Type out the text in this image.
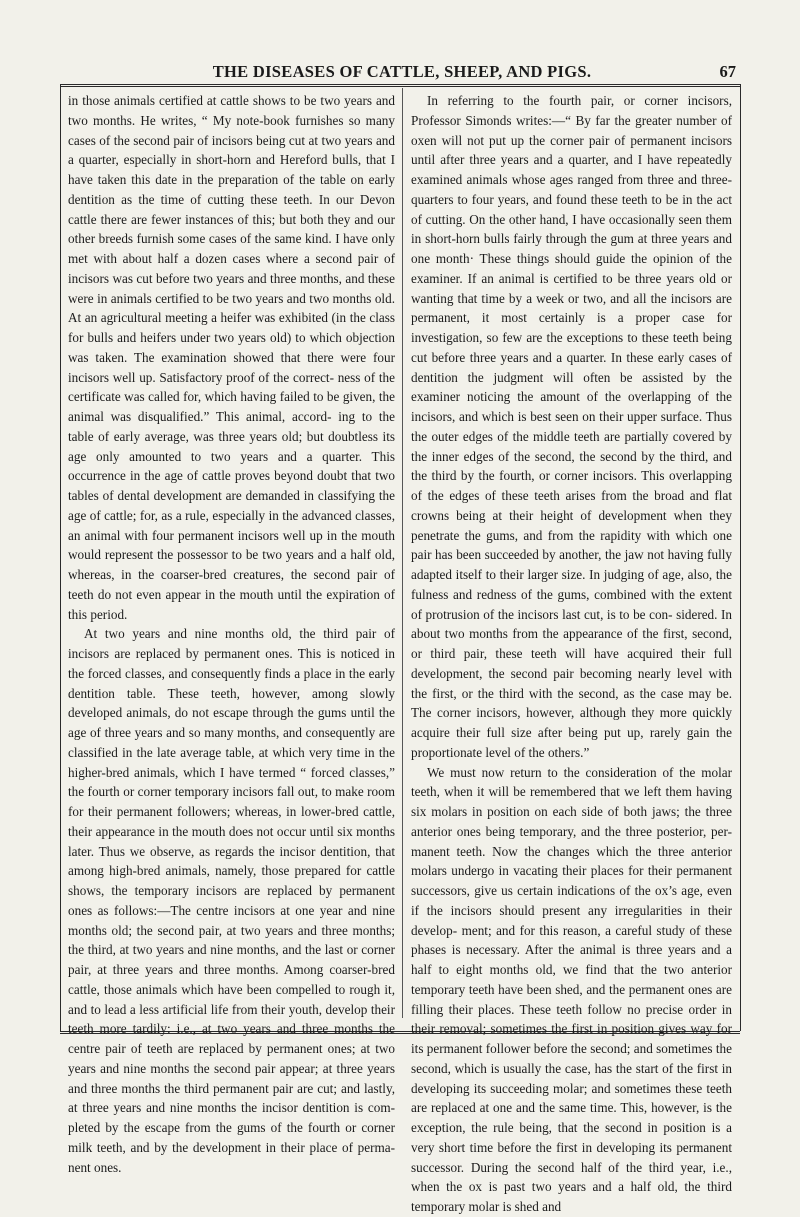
THE DISEASES OF CATTLE, SHEEP, AND PIGS.	67

in those animals certified at cattle shows to be two years and two months. He writes, “ My note-book furnishes so many cases of the second pair of incisors being cut at two years and a quarter, especially in short-horn and Hereford bulls, that I have taken this date in the preparation of the table on early dentition as the time of cutting these teeth. In our Devon cattle there are fewer instances of this; but both they and our other breeds furnish some cases of the same kind. I have only met with about half a dozen cases where a second pair of incisors was cut before two years and three months, and these were in animals certified to be two years and two months old. At an agricultural meeting a heifer was exhibited (in the class for bulls and heifers under two years old) to which objection was taken. The examination showed that there were four incisors well up. Satisfactory proof of the correct- ness of the certificate was called for, which having failed to be given, the animal was disqualified.” This animal, accord- ing to the table of early average, was three years old; but doubtless its age only amounted to two years and a quarter. This occurrence in the age of cattle proves beyond doubt that two tables of dental development are demanded in classifying the age of cattle; for, as a rule, especially in the advanced classes, an animal with four permanent incisors well up in the mouth would represent the possessor to be two years and a half old, whereas, in the coarser-bred creatures, the second pair of teeth do not even appear in the mouth until the expiration of this period.

At two years and nine months old, the third pair of incisors are replaced by permanent ones. This is noticed in the forced classes, and consequently finds a place in the early dentition table. These teeth, however, among slowly developed animals, do not escape through the gums until the age of three years and so many months, and consequently are classified in the late average table, at which very time in the higher-bred animals, which I have termed “ forced classes,” the fourth or corner temporary incisors fall out, to make room for their permanent followers; whereas, in lower-bred cattle, their appearance in the mouth does not occur until six months later. Thus we observe, as regards the incisor dentition, that among high-bred animals, namely, those prepared for cattle shows, the temporary incisors are replaced by permanent ones as follows:—The centre incisors at one year and nine months old; the second pair, at two years and three months; the third, at two years and nine months, and the last or corner pair, at three years and three months. Among coarser-bred cattle, those animals which have been compelled to rough it, and to lead a less artificial life from their youth, develop their teeth more tardily: i.e., at two years and three months the centre pair of teeth are replaced by permanent ones; at two years and nine months the second pair appear; at three years and three months the third permanent pair are cut; and lastly, at three years and nine months the incisor dentition is com- pleted by the escape from the gums of the fourth or corner milk teeth, and by the development in their place of perma- nent ones.

In referring to the fourth pair, or corner incisors, Professor Simonds writes:—“ By far the greater number of oxen will not put up the corner pair of permanent incisors until after three years and a quarter, and I have repeatedly examined animals whose ages ranged from three and three-quarters to four years, and found these teeth to be in the act of cutting. On the other hand, I have occasionally seen them in short-horn bulls fairly through the gum at three years and one month· These things should guide the opinion of the examiner. If an animal is certified to be three years old or wanting that time by a week or two, and all the incisors are permanent, it most certainly is a proper case for investigation, so few are the exceptions to these teeth being cut before three years and a quarter. In these early cases of dentition the judgment will often be assisted by the examiner noticing the amount of the overlapping of the incisors, and which is best seen on their upper surface. Thus the outer edges of the middle teeth are partially covered by the inner edges of the second, the second by the third, and the third by the fourth, or corner incisors. This overlapping of the edges of these teeth arises from the broad and flat crowns being at their height of development when they penetrate the gums, and from the rapidity with which one pair has been succeeded by another, the jaw not having fully adapted itself to their larger size. In judging of age, also, the fulness and redness of the gums, combined with the extent of protrusion of the incisors last cut, is to be con- sidered. In about two months from the appearance of the first, second, or third pair, these teeth will have acquired their full development, the second pair becoming nearly level with the first, or the third with the second, as the case may be. The corner incisors, however, although they more quickly acquire their full size after being put up, rarely gain the proportionate level of the others.”

We must now return to the consideration of the molar teeth, when it will be remembered that we left them having six molars in position on each side of both jaws; the three anterior ones being temporary, and the three posterior, per- manent teeth. Now the changes which the three anterior molars undergo in vacating their places for their permanent successors, give us certain indications of the ox’s age, even if the incisors should present any irregularities in their develop- ment; and for this reason, a careful study of these phases is necessary. After the animal is three years and a half to eight months old, we find that the two anterior temporary teeth have been shed, and the permanent ones are filling their places. These teeth follow no precise order in their removal; sometimes the first in position gives way for its permanent follower before the second; and sometimes the second, which is usually the case, has the start of the first in developing its succeeding molar; and sometimes these teeth are replaced at one and the same time. This, however, is the exception, the rule being, that the second in position is a very short time before the first in developing its permanent successor. During the second half of the third year, i.e., when the ox is past two years and a half old, the third temporary molar is shed and
